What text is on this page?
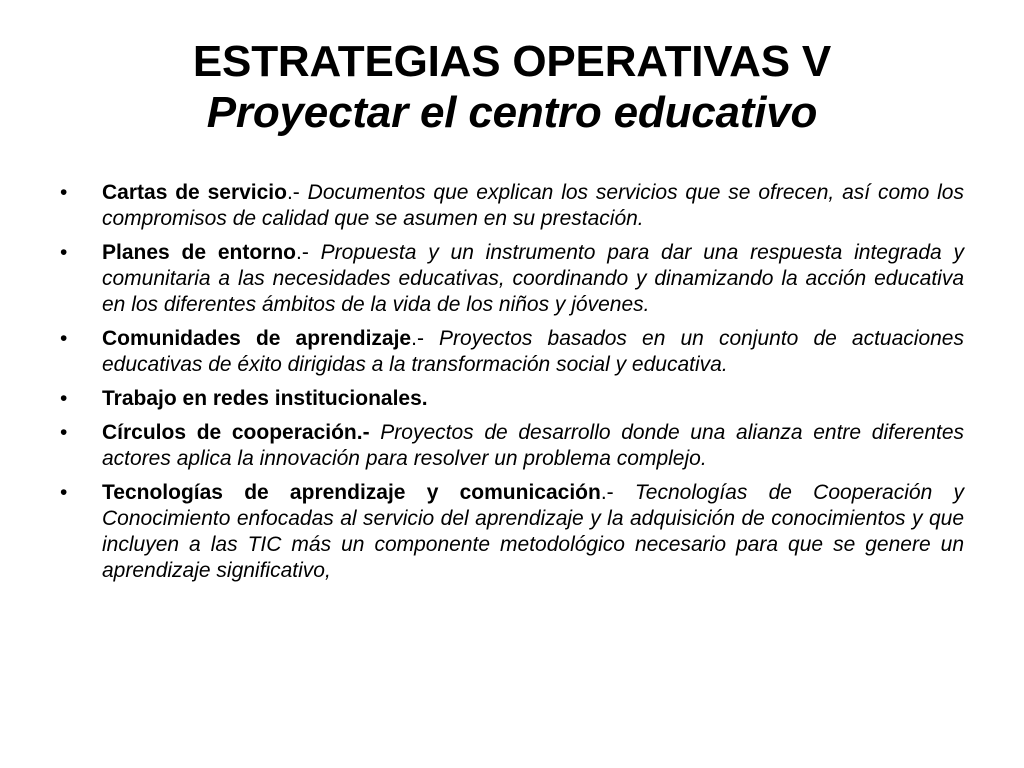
ESTRATEGIAS OPERATIVAS V
Proyectar el centro educativo
•	Cartas de servicio.- Documentos que explican los servicios que se ofrecen, así como los compromisos de calidad que se asumen en su prestación.
•	Planes de entorno.- Propuesta y un instrumento para dar una respuesta integrada y comunitaria a las necesidades educativas, coordinando y dinamizando la acción educativa en los diferentes ámbitos de la vida de los niños y jóvenes.
•	Comunidades de aprendizaje.- Proyectos basados en un conjunto de actuaciones educativas de éxito dirigidas a la transformación social y educativa.
•	Trabajo en redes institucionales.
•	Círculos de cooperación.- Proyectos de desarrollo donde una alianza entre diferentes actores aplica la innovación para resolver un problema complejo.
•	Tecnologías de aprendizaje y comunicación.- Tecnologías de Cooperación y Conocimiento enfocadas al servicio del aprendizaje y la adquisición de conocimientos y que incluyen a las TIC más un componente metodológico necesario para que se genere un aprendizaje significativo,
